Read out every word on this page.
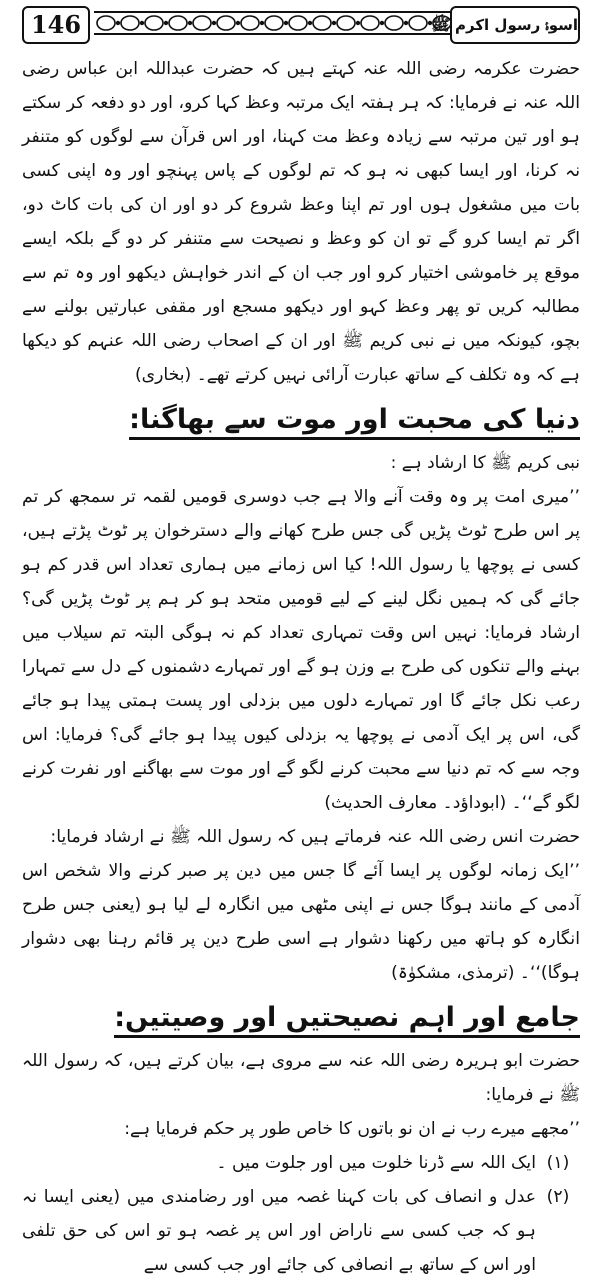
146	اسوۂ رسول اکرم ﷺ

حضرت عکرمہ رضی اللہ عنہ کہتے ہیں کہ حضرت عبداللہ ابن عباس رضی اللہ عنہ نے فرمایا: کہ ہر ہفتہ ایک مرتبہ وعظ کہا کرو، اور دو دفعہ کر سکتے ہو اور تین مرتبہ سے زیادہ وعظ مت کہنا، اور اس قرآن سے لوگوں کو متنفر نہ کرنا، اور ایسا کبھی نہ ہو کہ تم لوگوں کے پاس پہنچو اور وہ اپنی کسی بات میں مشغول ہوں اور تم اپنا وعظ شروع کر دو اور ان کی بات کاٹ دو، اگر تم ایسا کرو گے تو ان کو وعظ و نصیحت سے متنفر کر دو گے بلکہ ایسے موقع پر خاموشی اختیار کرو اور جب ان کے اندر خواہش دیکھو اور وہ تم سے مطالبہ کریں تو پھر وعظ کہو اور دیکھو مسجع اور مقفی عبارتیں بولنے سے بچو، کیونکہ میں نے نبی کریم ﷺ اور ان کے اصحاب رضی اللہ عنہم کو دیکھا ہے کہ وہ تکلف کے ساتھ عبارت آرائی نہیں کرتے تھے۔ (بخاری)

دنیا کی محبت اور موت سے بھاگنا:

نبی کریم ﷺ کا ارشاد ہے :

’’میری امت پر وہ وقت آنے والا ہے جب دوسری قومیں لقمہ تر سمجھ کر تم پر اس طرح ٹوٹ پڑیں گی جس طرح کھانے والے دسترخوان پر ٹوٹ پڑتے ہیں، کسی نے پوچھا یا رسول اللہ! کیا اس زمانے میں ہماری تعداد اس قدر کم ہو جائے گی کہ ہمیں نگل لینے کے لیے قومیں متحد ہو کر ہم پر ٹوٹ پڑیں گی؟ ارشاد فرمایا: نہیں اس وقت تمہاری تعداد کم نہ ہوگی البتہ تم سیلاب میں بہنے والے تنکوں کی طرح بے وزن ہو گے اور تمہارے دشمنوں کے دل سے تمہارا رعب نکل جائے گا اور تمہارے دلوں میں بزدلی اور پست ہمتی پیدا ہو جائے گی، اس پر ایک آدمی نے پوچھا یہ بزدلی کیوں پیدا ہو جائے گی؟ فرمایا: اس وجہ سے کہ تم دنیا سے محبت کرنے لگو گے اور موت سے بھاگنے اور نفرت کرنے لگو گے‘‘۔ (ابوداؤد۔ معارف الحدیث)

حضرت انس رضی اللہ عنہ فرماتے ہیں کہ رسول اللہ ﷺ نے ارشاد فرمایا:

’’ایک زمانہ لوگوں پر ایسا آئے گا جس میں دین پر صبر کرنے والا شخص اس آدمی کے مانند ہوگا جس نے اپنی مٹھی میں انگارہ لے لیا ہو (یعنی جس طرح انگارہ کو ہاتھ میں رکھنا دشوار ہے اسی طرح دین پر قائم رہنا بھی دشوار ہوگا)‘‘۔ (ترمذی، مشکوٰۃ)

جامع اور اہم نصیحتیں اور وصیتیں:

حضرت ابو ہریرہ رضی اللہ عنہ سے مروی ہے، بیان کرتے ہیں، کہ رسول اللہ ﷺ نے فرمایا:

’’مجھے میرے رب نے ان نو باتوں کا خاص طور پر حکم فرمایا ہے:

(۱)
ایک اللہ سے ڈرنا خلوت میں اور جلوت میں ۔
(۲)
عدل و انصاف کی بات کہنا غصہ میں اور رضامندی میں (یعنی ایسا نہ ہو کہ جب کسی سے ناراض اور اس پر غصہ ہو تو اس کی حق تلفی اور اس کے ساتھ بے انصافی کی جائے اور جب کسی سے
